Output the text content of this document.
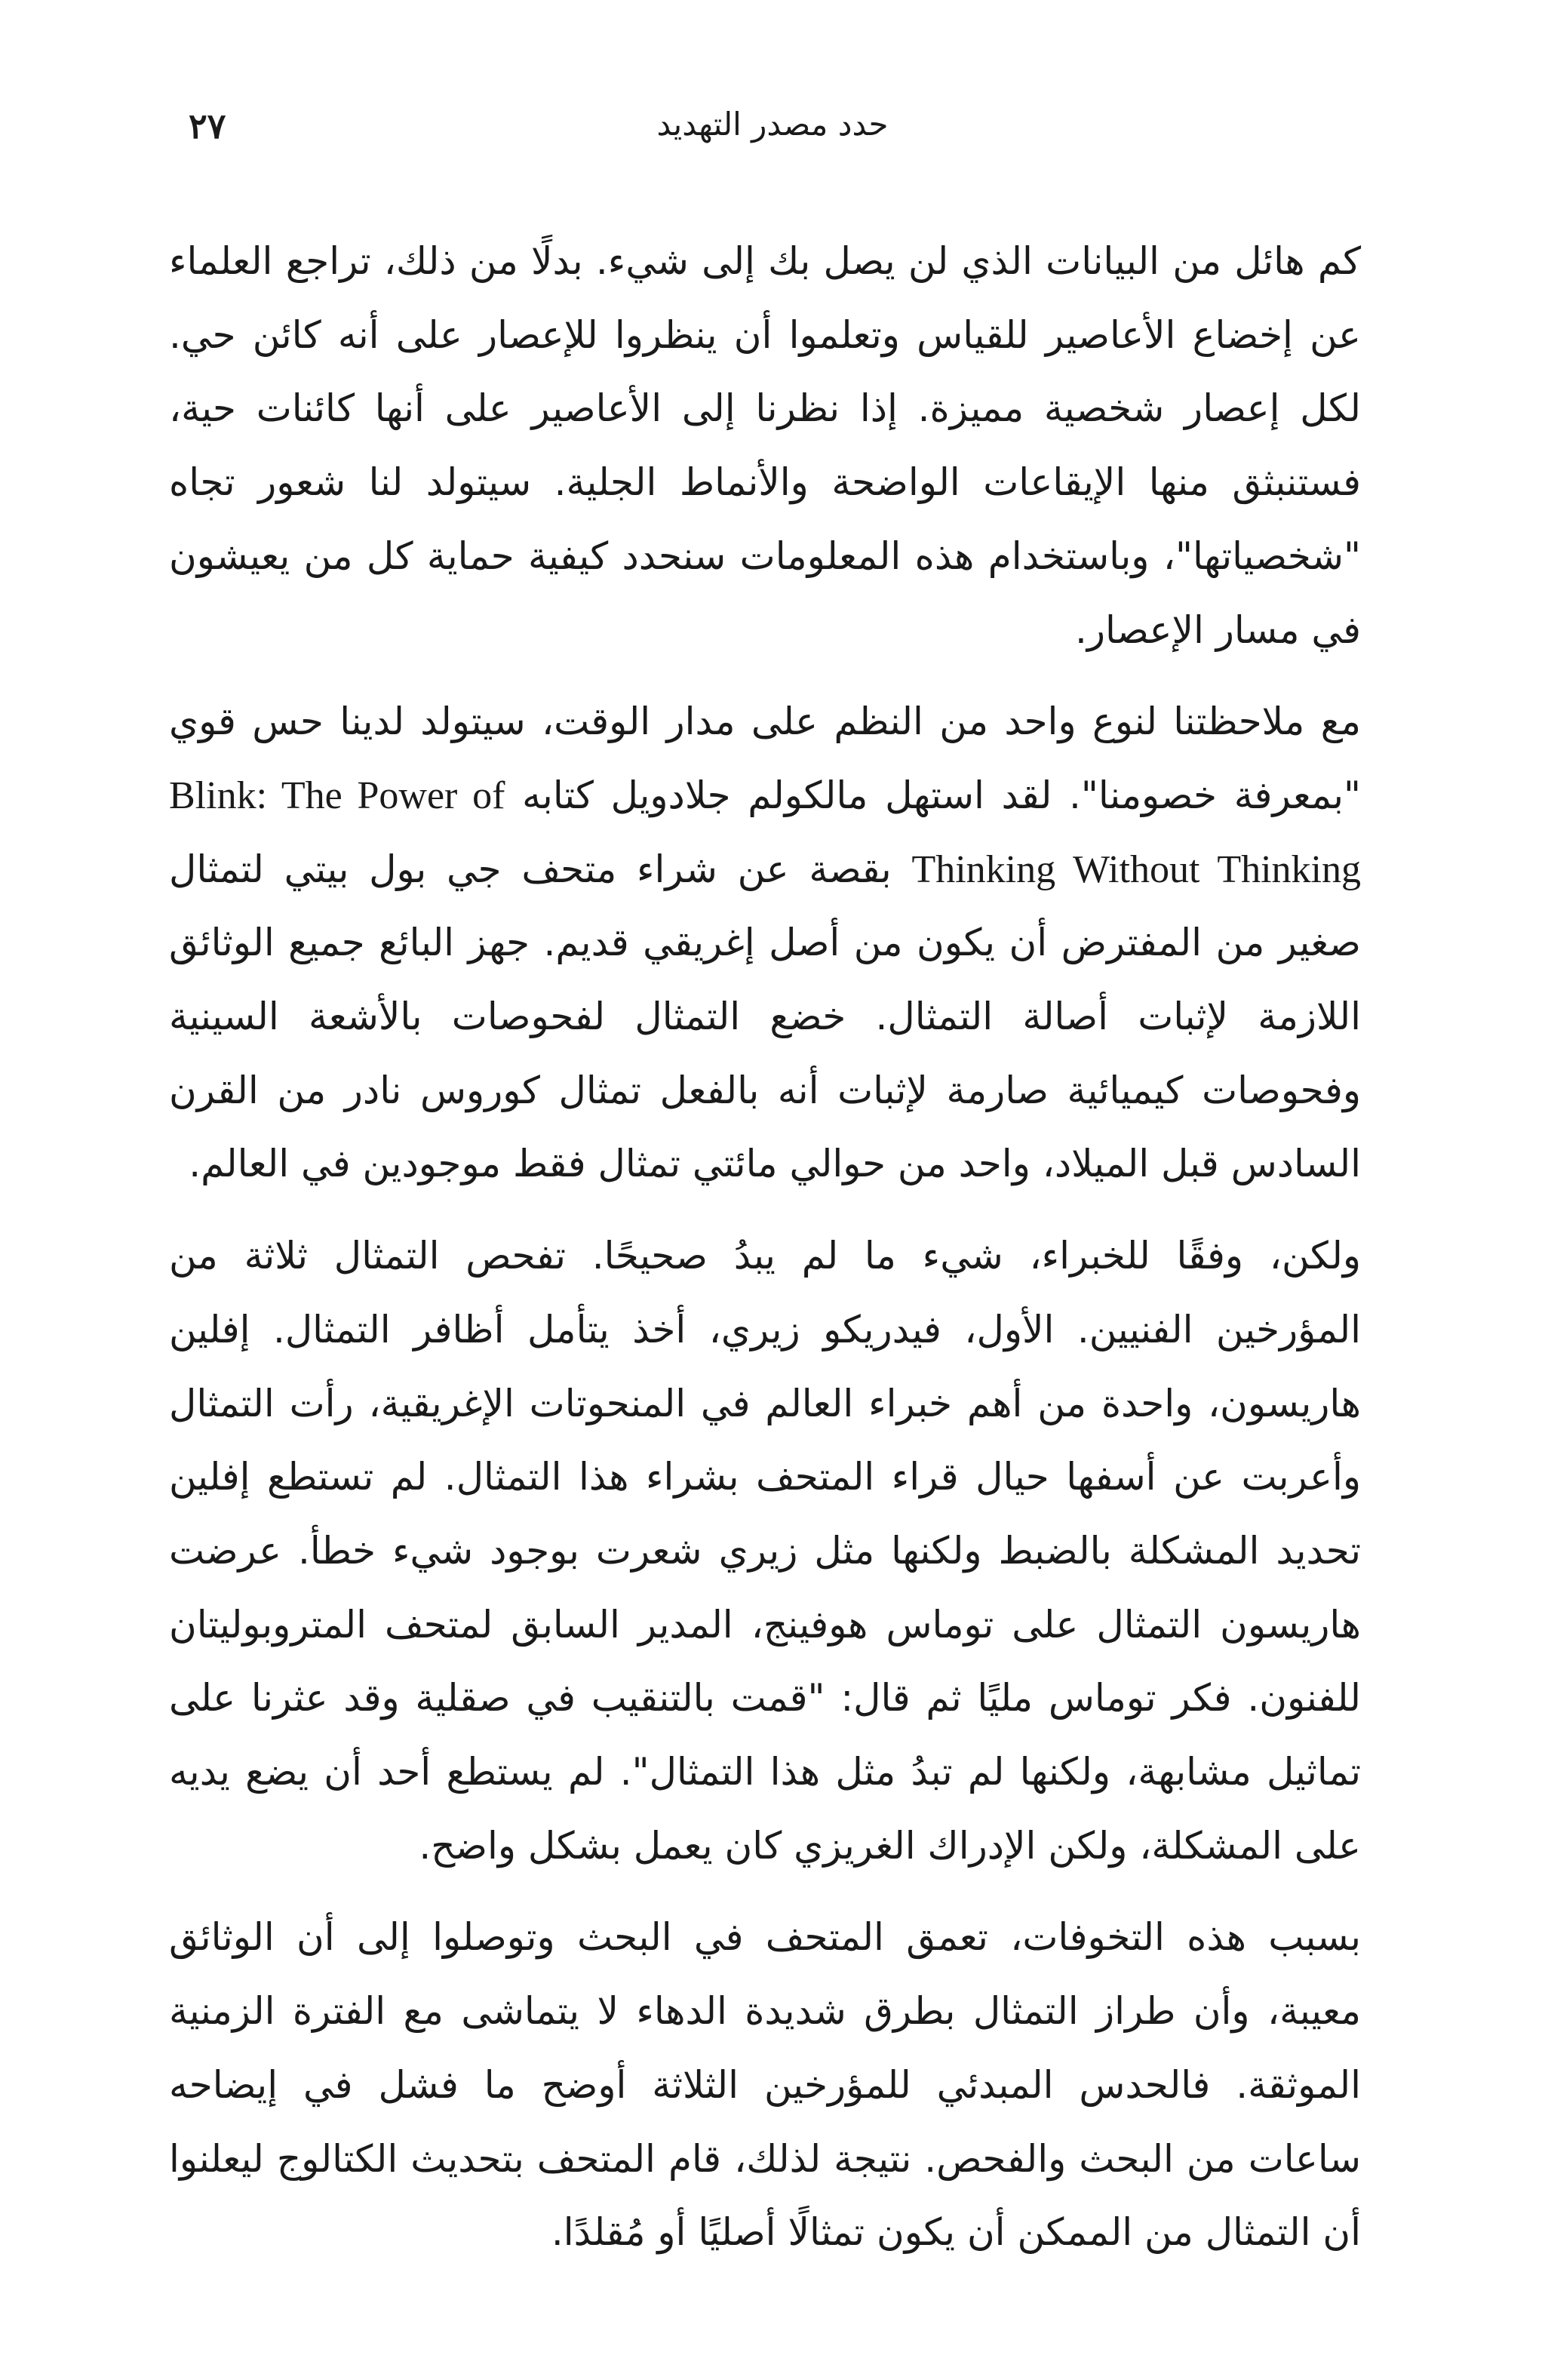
٢٧	حدد مصدر التهديد

كم هائل من البيانات الذي لن يصل بك إلى شيء. بدلًا من ذلك، تراجع العلماء عن إخضاع الأعاصير للقياس وتعلموا أن ينظروا للإعصار على أنه كائن حي. لكل إعصار شخصية مميزة. إذا نظرنا إلى الأعاصير على أنها كائنات حية، فستنبثق منها الإيقاعات الواضحة والأنماط الجلية. سيتولد لنا شعور تجاه "شخصياتها"، وباستخدام هذه المعلومات سنحدد كيفية حماية كل من يعيشون في مسار الإعصار.

مع ملاحظتنا لنوع واحد من النظم على مدار الوقت، سيتولد لدينا حس قوي "بمعرفة خصومنا". لقد استهل مالكولم جلادويل كتابه Blink: The Power of Thinking Without Thinking بقصة عن شراء متحف جي بول بيتي لتمثال صغير من المفترض أن يكون من أصل إغريقي قديم. جهز البائع جميع الوثائق اللازمة لإثبات أصالة التمثال. خضع التمثال لفحوصات بالأشعة السينية وفحوصات كيميائية صارمة لإثبات أنه بالفعل تمثال كوروس نادر من القرن السادس قبل الميلاد، واحد من حوالي مائتي تمثال فقط موجودين في العالم.

ولكن، وفقًا للخبراء، شيء ما لم يبدُ صحيحًا. تفحص التمثال ثلاثة من المؤرخين الفنيين. الأول، فيدريكو زيري، أخذ يتأمل أظافر التمثال. إفلين هاريسون، واحدة من أهم خبراء العالم في المنحوتات الإغريقية، رأت التمثال وأعربت عن أسفها حيال قراء المتحف بشراء هذا التمثال. لم تستطع إفلين تحديد المشكلة بالضبط ولكنها مثل زيري شعرت بوجود شيء خطأ. عرضت هاريسون التمثال على توماس هوفينج، المدير السابق لمتحف المتروبوليتان للفنون. فكر توماس مليًا ثم قال: "قمت بالتنقيب في صقلية وقد عثرنا على تماثيل مشابهة، ولكنها لم تبدُ مثل هذا التمثال". لم يستطع أحد أن يضع يديه على المشكلة، ولكن الإدراك الغريزي كان يعمل بشكل واضح.

بسبب هذه التخوفات، تعمق المتحف في البحث وتوصلوا إلى أن الوثائق معيبة، وأن طراز التمثال بطرق شديدة الدهاء لا يتماشى مع الفترة الزمنية الموثقة. فالحدس المبدئي للمؤرخين الثلاثة أوضح ما فشل في إيضاحه ساعات من البحث والفحص. نتيجة لذلك، قام المتحف بتحديث الكتالوج ليعلنوا أن التمثال من الممكن أن يكون تمثالًا أصليًا أو مُقلدًا.
